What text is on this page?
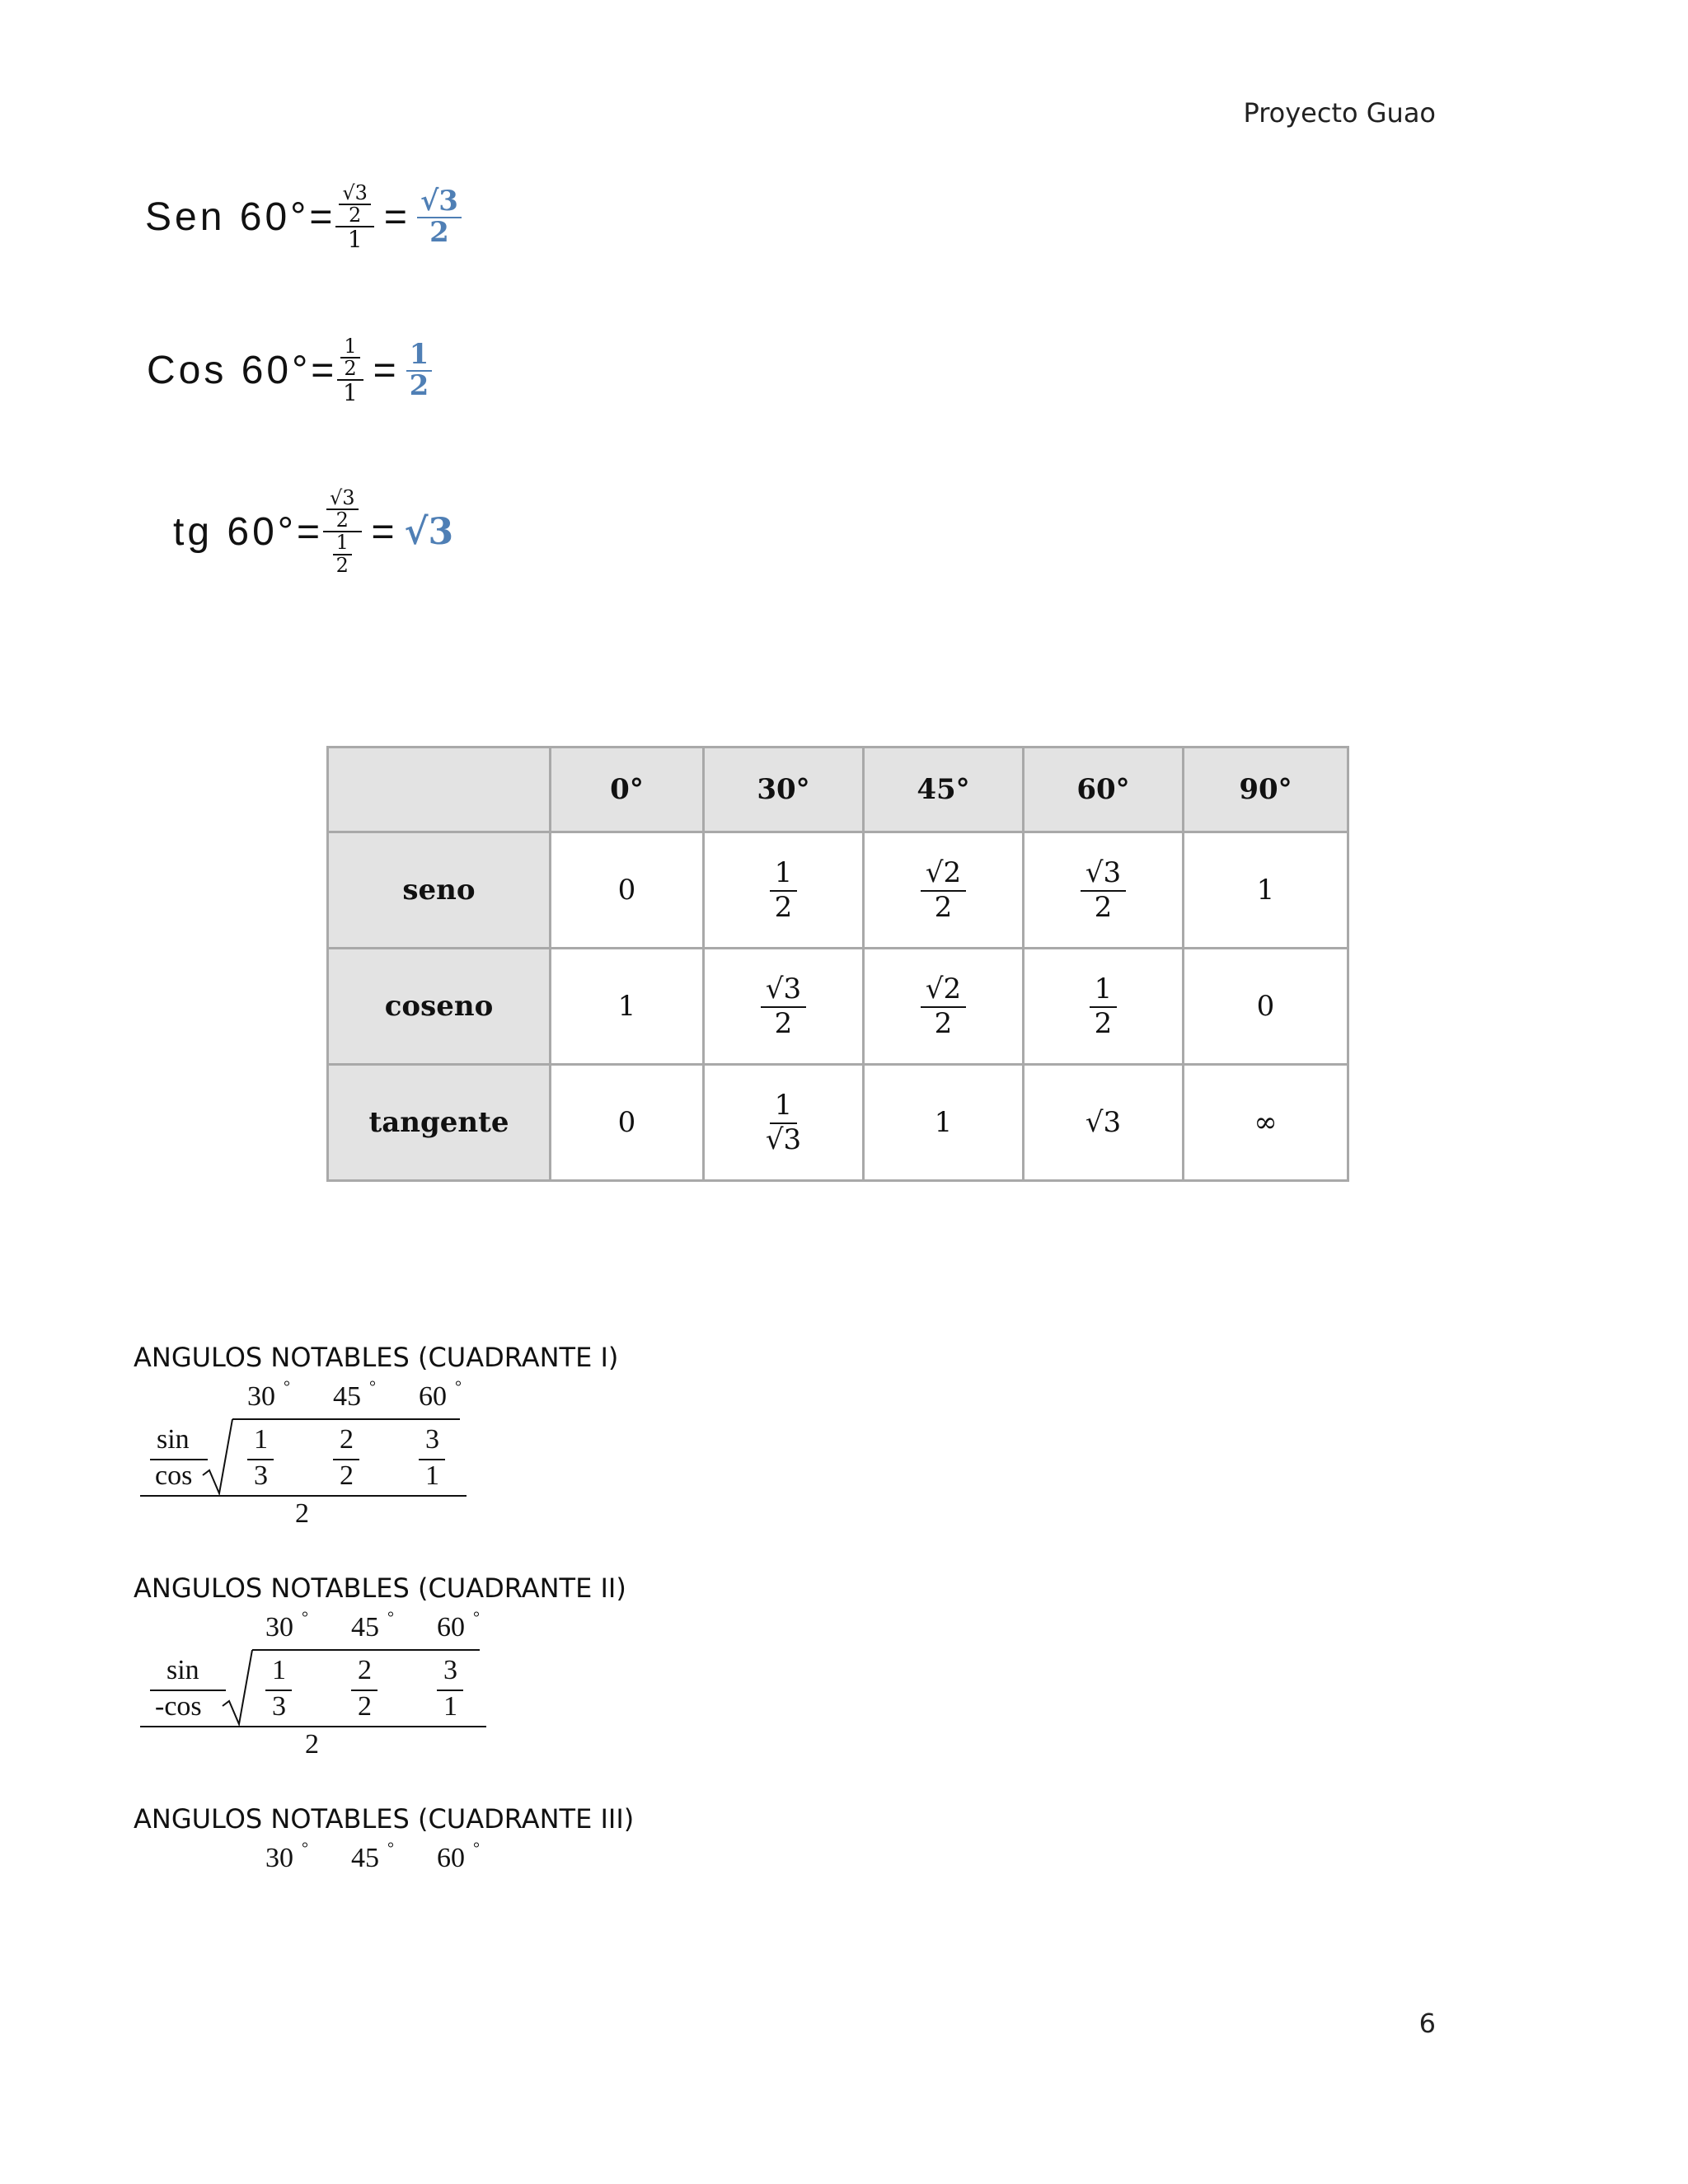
Proyecto Guao
Sen $60^\circ= \frac{\frac{√3}{2}}{1} = \frac{√3}{2}$
Cos $60^\circ= \frac{\frac{1}{2}}{1} = \frac{1}{2}$
tg $60^\circ= \frac{\frac{√3}{2}}{\frac{1}{2}} = √3$
	0°	30°	45°	60°	90°
seno	0	$\frac{1}{2}$	$\frac{√2}{2}$	$\frac{√3}{2}$	1
coseno	1	$\frac{√3}{2}$	$\frac{√2}{2}$	$\frac{1}{2}$	0
tangente	0	$\frac{1}{√3}$	1	√3	∞
ANGULOS NOTABLES (CUADRANTE I)
30 ° 45 ° 60 °
sin
cos
1
3
2
2
3
1
2
ANGULOS NOTABLES (CUADRANTE II)
30 ° 45 ° 60 °
sin
-cos
1
3
2
2
3
1
2
ANGULOS NOTABLES (CUADRANTE III)
30 ° 45 ° 60 °
6
